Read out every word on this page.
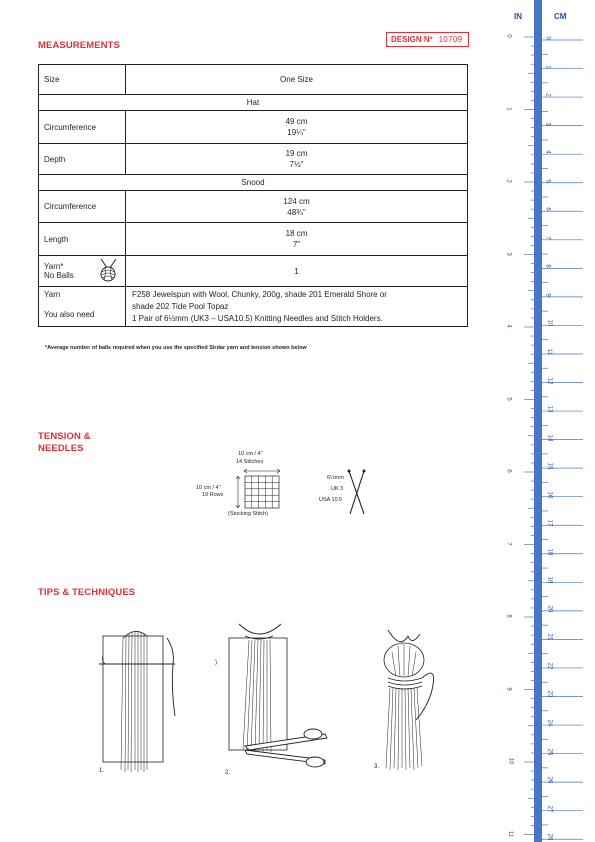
MEASUREMENTS
DESIGN Nº 10709
Size	One Size
Hat	
Circumference	49 cm
19¼"

Depth	19 cm
7½"

Snood	
Circumference	124 cm
48¾"

Length	18 cm
7"

Yarn*
No Balls	1
Yarn	F258 Jewelspun with Wool, Chunky, 200g, shade 201 Emerald Shore or
shade 202 Tide Pool Topaz
1 Pair of 6½mm (UK3 – USA10.5) Knitting Needles and Stitch Holders.

You also need	
*Average number of balls required when you use the specified Sirdar yarn and tension shown below
TENSION &
NEEDLES	10 cm / 4"
14 Stitches
10 cm / 4"
19 Rows
(Stocking Stitch)
6½mm
UK 3
USA 10.5
TIPS & TECHNIQUES
1.
)
2.
3.
IN	CM
0
1
2
3
4
5
6
7
8
9
10
11
0
1
2
3
4
5
6
7
8
9
10
11
12
13
14
15
16
17
18
19
20
21
22
23
24
25
26
27
28
